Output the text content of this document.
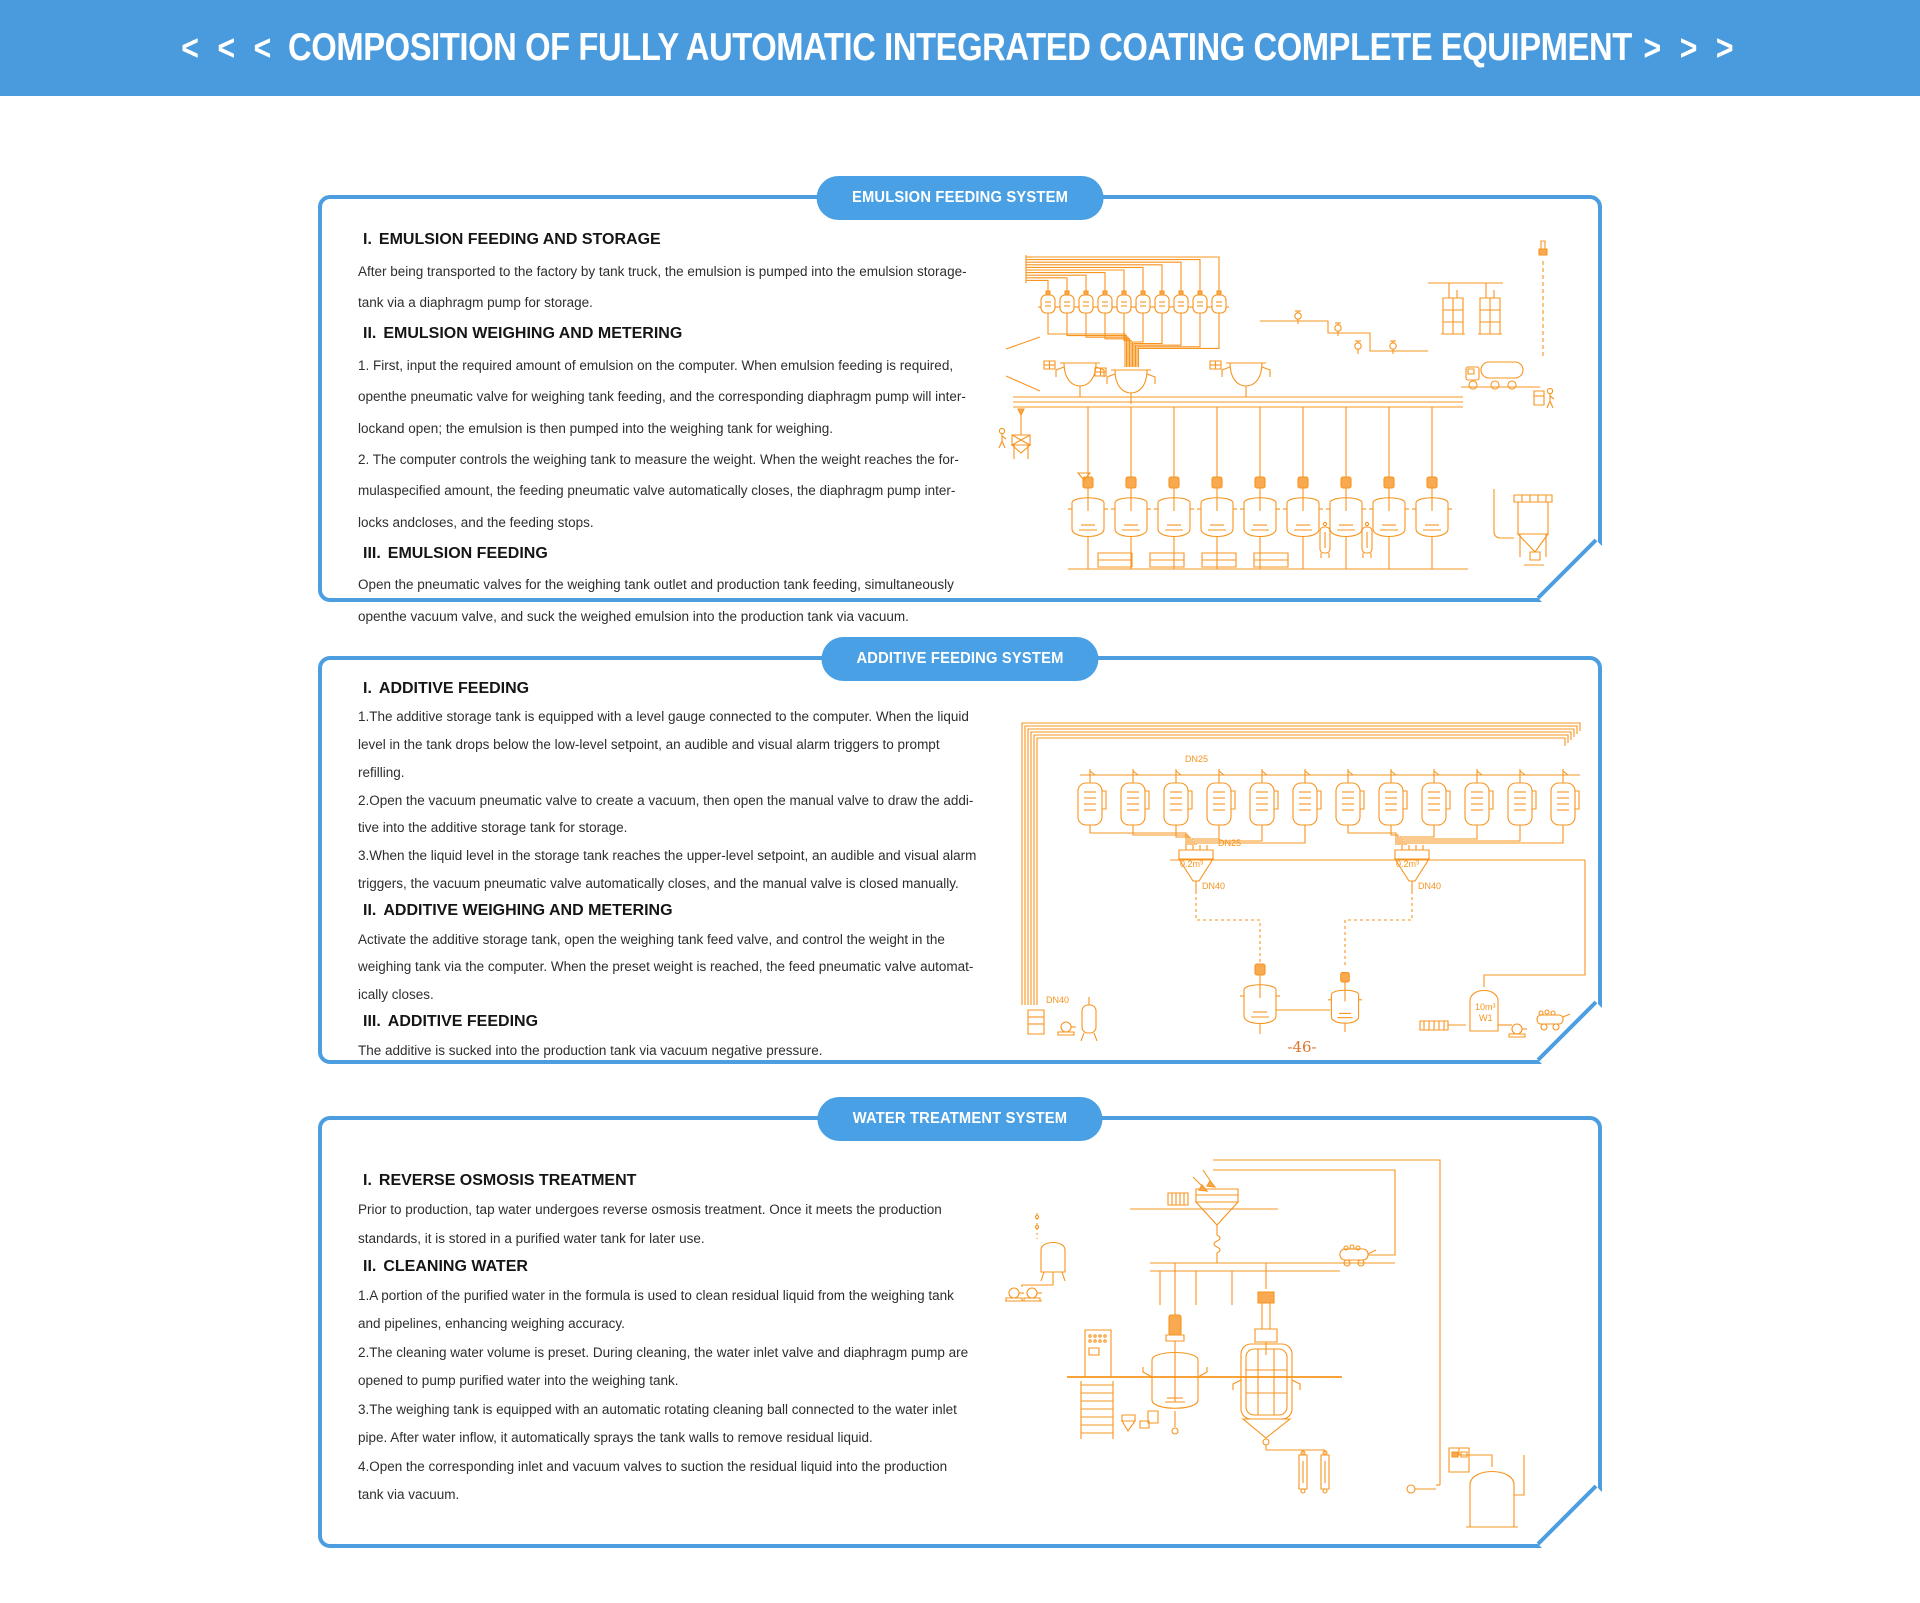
< < < COMPOSITION OF FULLY AUTOMATIC INTEGRATED COATING COMPLETE EQUIPMENT > > >
EMULSION FEEDING SYSTEM
I. EMULSION FEEDING AND STORAGE
After being transported to the factory by tank truck, the emulsion is pumped into the emulsion storage-
tank via a diaphragm pump for storage.
II. EMULSION WEIGHING AND METERING
1. First, input the required amount of emulsion on the computer. When emulsion feeding is required,
openthe pneumatic valve for weighing tank feeding, and the corresponding diaphragm pump will inter-
lockand open; the emulsion is then pumped into the weighing tank for weighing.
2. The computer controls the weighing tank to measure the weight. When the weight reaches the for-
mulaspecified amount, the feeding pneumatic valve automatically closes, the diaphragm pump inter-
locks andcloses, and the feeding stops.
III. EMULSION FEEDING
Open the pneumatic valves for the weighing tank outlet and production tank feeding, simultaneously
openthe vacuum valve, and suck the weighed emulsion into the production tank via vacuum.
ADDITIVE FEEDING SYSTEM
I. ADDITIVE FEEDING
1.The additive storage tank is equipped with a level gauge connected to the computer. When the liquid
level in the tank drops below the low-level setpoint, an audible and visual alarm triggers to prompt
refilling.
2.Open the vacuum pneumatic valve to create a vacuum, then open the manual valve to draw the addi-
tive into the additive storage tank for storage.
3.When the liquid level in the storage tank reaches the upper-level setpoint, an audible and visual alarm
triggers, the vacuum pneumatic valve automatically closes, and the manual valve is closed manually.
II. ADDITIVE WEIGHING AND METERING
Activate the additive storage tank, open the weighing tank feed valve, and control the weight in the
weighing tank via the computer. When the preset weight is reached, the feed pneumatic valve automat-
ically closes.
III. ADDITIVE FEEDING
The additive is sucked into the production tank via vacuum negative pressure.
DN25
DN25
0.2m³	0.2m³
DN40	DN40
DN40
10m³
W1
-46-
WATER TREATMENT SYSTEM
I. REVERSE OSMOSIS TREATMENT
Prior to production, tap water undergoes reverse osmosis treatment. Once it meets the production
standards, it is stored in a purified water tank for later use.
II. CLEANING WATER
1.A portion of the purified water in the formula is used to clean residual liquid from the weighing tank
and pipelines, enhancing weighing accuracy.
2.The cleaning water volume is preset. During cleaning, the water inlet valve and diaphragm pump are
opened to pump purified water into the weighing tank.
3.The weighing tank is equipped with an automatic rotating cleaning ball connected to the water inlet
pipe. After water inflow, it automatically sprays the tank walls to remove residual liquid.
4.Open the corresponding inlet and vacuum valves to suction the residual liquid into the production
tank via vacuum.
